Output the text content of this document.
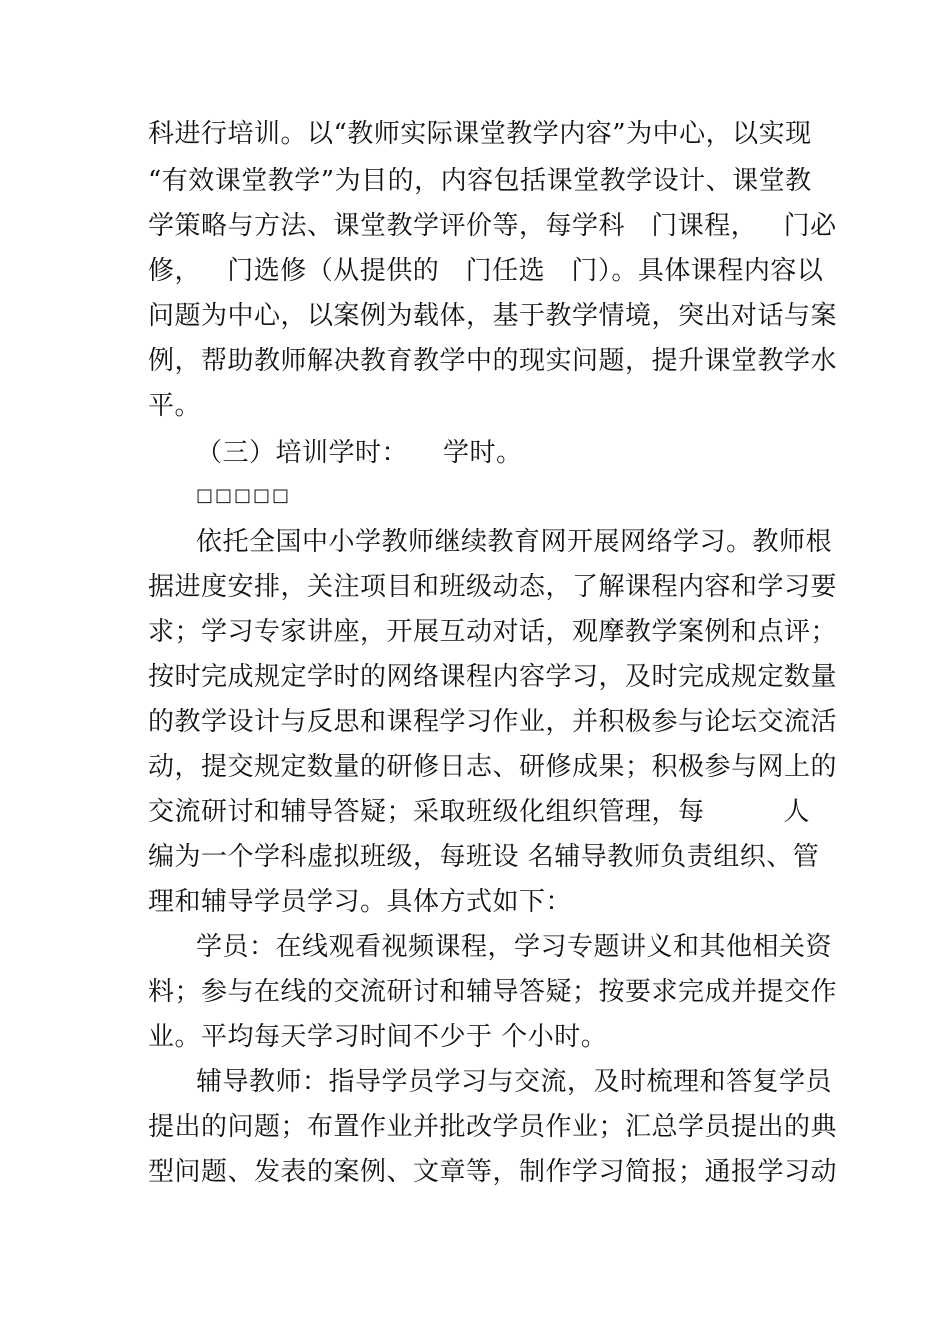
科进行培训。以“教师实际课堂教学内容”为中心，以实现
“有效课堂教学”为目的，内容包括课堂教学设计、课堂教
学策略与方法、课堂教学评价等，每学科   门课程，   门必
修，   门选修（从提供的   门任选   门）。具体课程内容以
问题为中心，以案例为载体，基于教学情境，突出对话与案
例，帮助教师解决教育教学中的现实问题，提升课堂教学水
平。
（三）培训学时：    学时。
□□□□□
依托全国中小学教师继续教育网开展网络学习。教师根
据进度安排，关注项目和班级动态，了解课程内容和学习要
求；学习专家讲座，开展互动对话，观摩教学案例和点评；
按时完成规定学时的网络课程内容学习，及时完成规定数量
的教学设计与反思和课程学习作业，并积极参与论坛交流活
动，提交规定数量的研修日志、研修成果；积极参与网上的
交流研讨和辅导答疑；采取班级化组织管理，每         人
编为一个学科虚拟班级，每班设 名辅导教师负责组织、管
理和辅导学员学习。具体方式如下：
学员：在线观看视频课程，学习专题讲义和其他相关资
料；参与在线的交流研讨和辅导答疑；按要求完成并提交作
业。平均每天学习时间不少于 个小时。
辅导教师：指导学员学习与交流，及时梳理和答复学员
提出的问题；布置作业并批改学员作业；汇总学员提出的典
型问题、发表的案例、文章等，制作学习简报；通报学习动
